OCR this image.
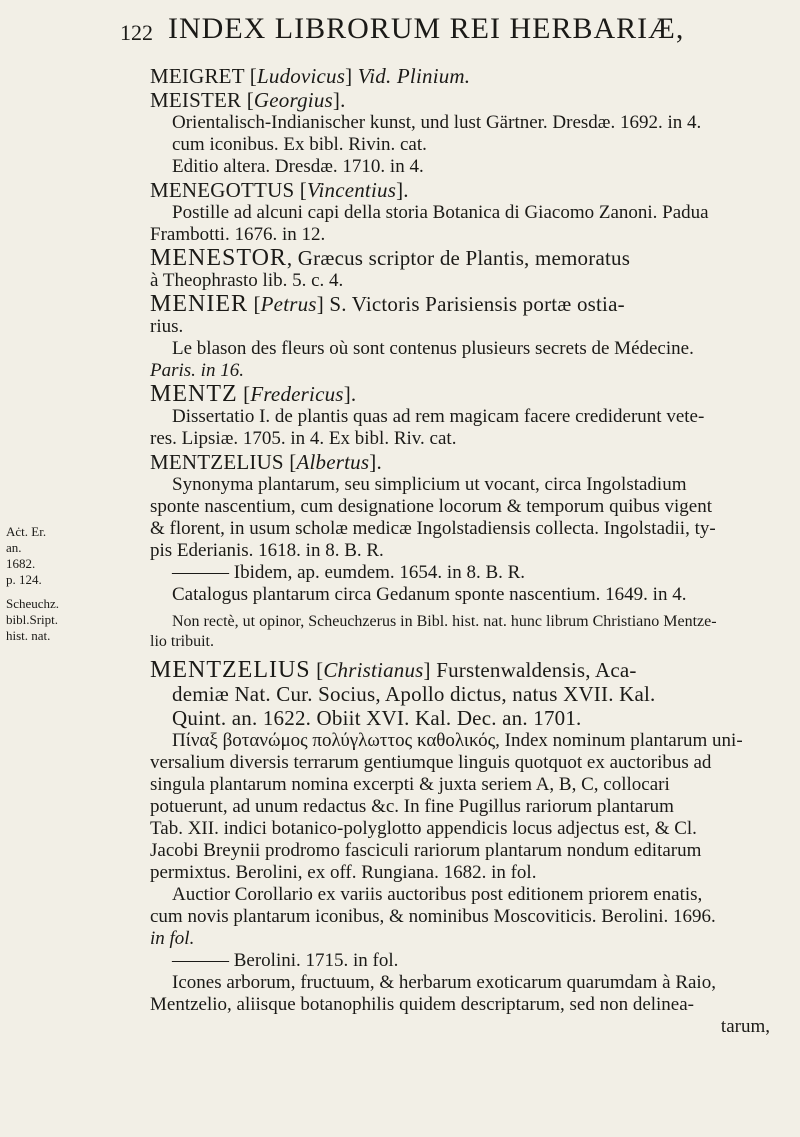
122 INDEX LIBRORUM REI HERBARIÆ,
Aċt. Er.
an. 1682.
p. 124.
Scheuchz.
bibl.Sript.
hist. nat.
MEIGRET [Ludovicus] Vid. Plinium.
MEISTER [Georgius].
Orientalisch-Indianischer kunst, und lust Gärtner. Dresdæ. 1692. in 4.
cum iconibus. Ex bibl. Rivin. cat.
Editio altera. Dresdæ. 1710. in 4.
MENEGOTTUS [Vincentius].
Postille ad alcuni capi della storia Botanica di Giacomo Zanoni. Padua
Frambotti. 1676. in 12.
MENESTOR, Græcus scriptor de Plantis, memoratus
à Theophrasto lib. 5. c. 4.
MENIER [Petrus] S. Victoris Parisiensis portæ ostia-
rius.
Le blason des fleurs où sont contenus plusieurs secrets de Médecine.
Paris. in 16.
MENTZ [Fredericus].
Dissertatio I. de plantis quas ad rem magicam facere crediderunt vete-
res. Lipsiæ. 1705. in 4. Ex bibl. Riv. cat.
MENTZELIUS [Albertus].
Synonyma plantarum, seu simplicium ut vocant, circa Ingolstadium
sponte nascentium, cum designatione locorum & temporum quibus vigent
& florent, in usum scholæ medicæ Ingolstadiensis collecta. Ingolstadii, ty-
pis Ederianis. 1618. in 8. B. R.
——— Ibidem, ap. eumdem. 1654. in 8. B. R.
Catalogus plantarum circa Gedanum sponte nascentium. 1649. in 4.
Non rectè, ut opinor, Scheuchzerus in Bibl. hist. nat. hunc librum Christiano Mentze-
lio tribuit.
MENTZELIUS [Christianus] Furstenwaldensis, Aca-
demiæ Nat. Cur. Socius, Apollo dictus, natus XVII. Kal.
Quint. an. 1622. Obiit XVI. Kal. Dec. an. 1701.
Πίναξ βοτανώμος πολύγλωττος καθολικός, Index nominum plantarum uni-
versalium diversis terrarum gentiumque linguis quotquot ex auctoribus ad
singula plantarum nomina excerpti & juxta seriem A, B, C, collocari
potuerunt, ad unum redactus &c. In fine Pugillus rariorum plantarum
Tab. XII. indici botanico-polyglotto appendicis locus adjectus est, & Cl.
Jacobi Breynii prodromo fasciculi rariorum plantarum nondum editarum
permixtus. Berolini, ex off. Rungiana. 1682. in fol.
Auctior Corollario ex variis auctoribus post editionem priorem enatis,
cum novis plantarum iconibus, & nominibus Moscoviticis. Berolini. 1696.
in fol.
——— Berolini. 1715. in fol.
Icones arborum, fructuum, & herbarum exoticarum quarumdam à Raio,
Mentzelio, aliisque botanophilis quidem descriptarum, sed non delinea-
tarum,
